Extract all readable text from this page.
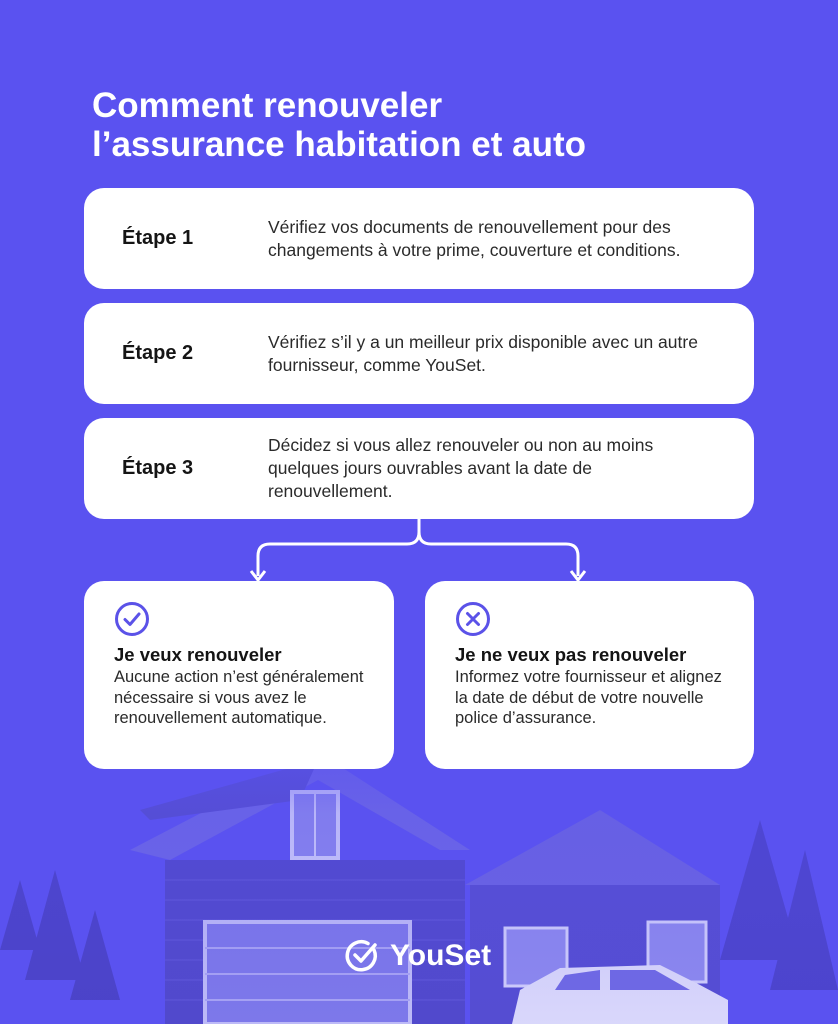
Comment renouveler
l’assurance habitation et auto
Étape 1
Vérifiez vos documents de renouvellement pour des changements à votre prime, couverture et conditions.
Étape 2
Vérifiez s’il y a un meilleur prix disponible avec un autre fournisseur, comme YouSet.
Étape 3
Décidez si vous allez renouveler ou non au moins quelques jours ouvrables avant la date de renouvellement.
Je veux renouveler
Aucune action n’est généralement nécessaire si vous avez le renouvellement automatique.
Je ne veux pas renouveler
Informez votre fournisseur et alignez la date de début de votre nouvelle police d’assurance.
YouSet
